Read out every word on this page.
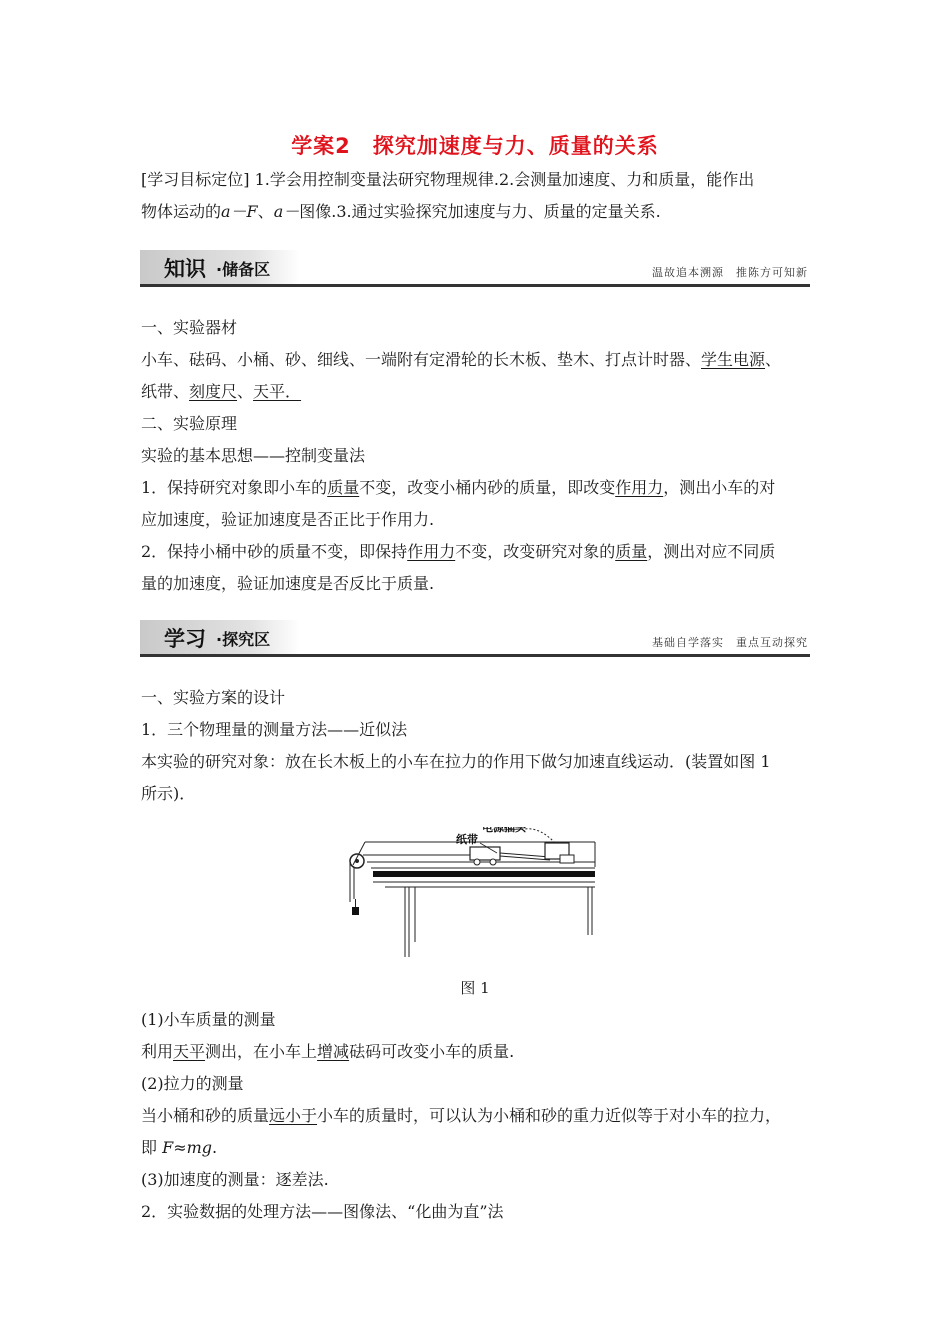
学案2　探究加速度与力、质量的关系
[学习目标定位] 1.学会用控制变量法研究物理规律.2.会测量加速度、力和质量，能作出
物体运动的a－F、a－图像.3.通过实验探究加速度与力、质量的定量关系.
知识 ·储备区	温故追本溯源　推陈方可知新
一、实验器材
小车、砝码、小桶、砂、细线、一端附有定滑轮的长木板、垫木、打点计时器、学生电源、
纸带、刻度尺、天平．
二、实验原理
实验的基本思想——控制变量法
1．保持研究对象即小车的质量不变，改变小桶内砂的质量，即改变作用力，测出小车的对
应加速度，验证加速度是否正比于作用力.
2．保持小桶中砂的质量不变，即保持作用力不变，改变研究对象的质量，测出对应不同质
量的加速度，验证加速度是否反比于质量.
学习 ·探究区	基础自学落实　重点互动探究
一、实验方案的设计
1．三个物理量的测量方法——近似法
本实验的研究对象：放在长木板上的小车在拉力的作用下做匀加速直线运动．(装置如图 1
所示)．
电源插头
纸带
图 1
(1)小车质量的测量
利用天平测出，在小车上增减砝码可改变小车的质量.
(2)拉力的测量
当小桶和砂的质量远小于小车的质量时，可以认为小桶和砂的重力近似等于对小车的拉力，
即 F≈mg.
(3)加速度的测量：逐差法.
2．实验数据的处理方法——图像法、“化曲为直”法
